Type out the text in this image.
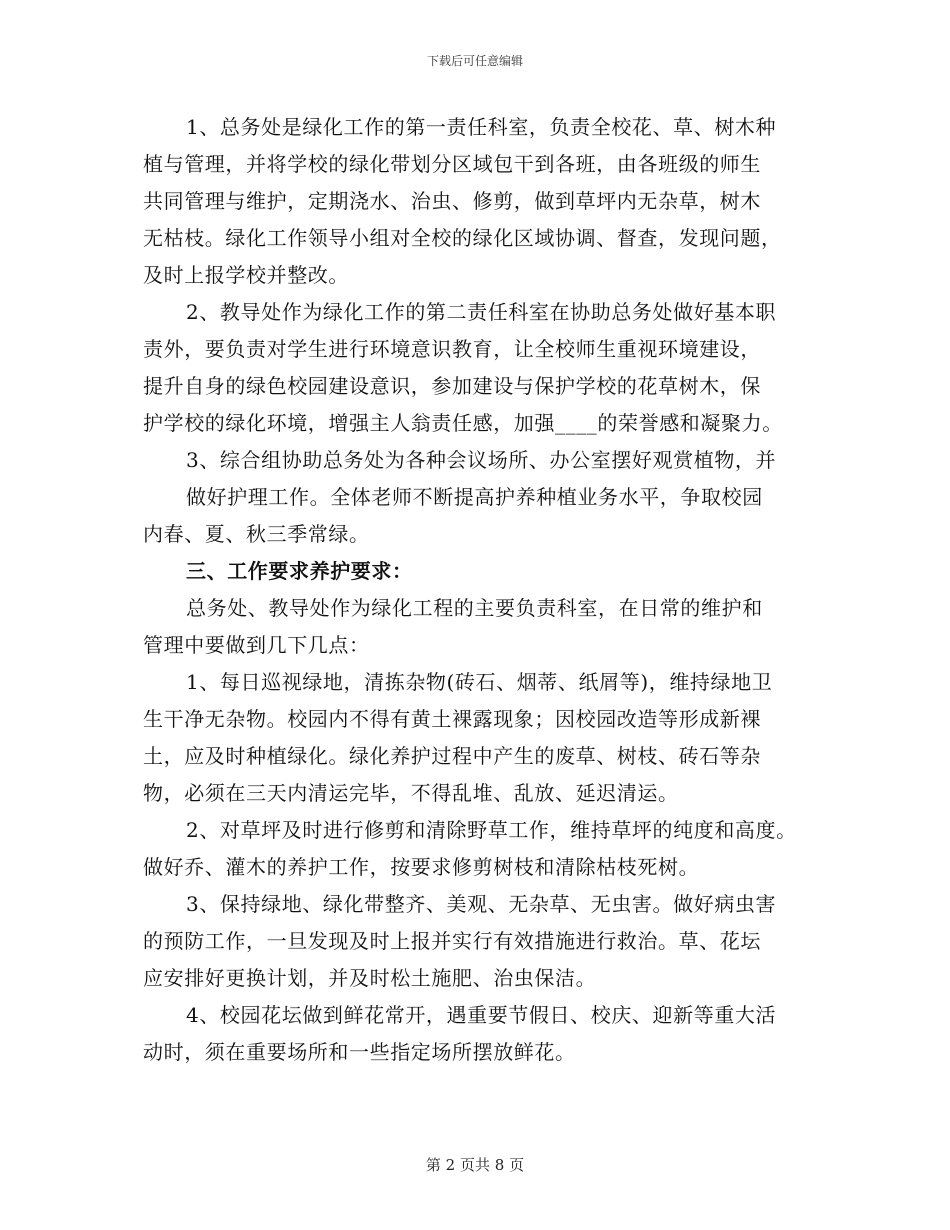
下载后可任意编辑
1、总务处是绿化工作的第一责任科室，负责全校花、草、树木种
植与管理，并将学校的绿化带划分区域包干到各班，由各班级的师生
共同管理与维护，定期浇水、治虫、修剪，做到草坪内无杂草，树木
无枯枝。绿化工作领导小组对全校的绿化区域协调、督查，发现问题，
及时上报学校并整改。
2、教导处作为绿化工作的第二责任科室在协助总务处做好基本职
责外，要负责对学生进行环境意识教育，让全校师生重视环境建设，
提升自身的绿色校园建设意识，参加建设与保护学校的花草树木，保
护学校的绿化环境，增强主人翁责任感，加强____的荣誉感和凝聚力。
3、综合组协助总务处为各种会议场所、办公室摆好观赏植物，并
做好护理工作。全体老师不断提高护养种植业务水平，争取校园
内春、夏、秋三季常绿。
三、工作要求养护要求：
总务处、教导处作为绿化工程的主要负责科室，在日常的维护和
管理中要做到几下几点：
1、每日巡视绿地，清拣杂物(砖石、烟蒂、纸屑等)，维持绿地卫
生干净无杂物。校园内不得有黄土裸露现象；因校园改造等形成新裸
土，应及时种植绿化。绿化养护过程中产生的废草、树枝、砖石等杂
物，必须在三天内清运完毕，不得乱堆、乱放、延迟清运。
2、对草坪及时进行修剪和清除野草工作，维持草坪的纯度和高度。
做好乔、灌木的养护工作，按要求修剪树枝和清除枯枝死树。
3、保持绿地、绿化带整齐、美观、无杂草、无虫害。做好病虫害
的预防工作，一旦发现及时上报并实行有效措施进行救治。草、花坛
应安排好更换计划，并及时松土施肥、治虫保洁。
4、校园花坛做到鲜花常开，遇重要节假日、校庆、迎新等重大活
动时，须在重要场所和一些指定场所摆放鲜花。
第 2 页共 8 页
